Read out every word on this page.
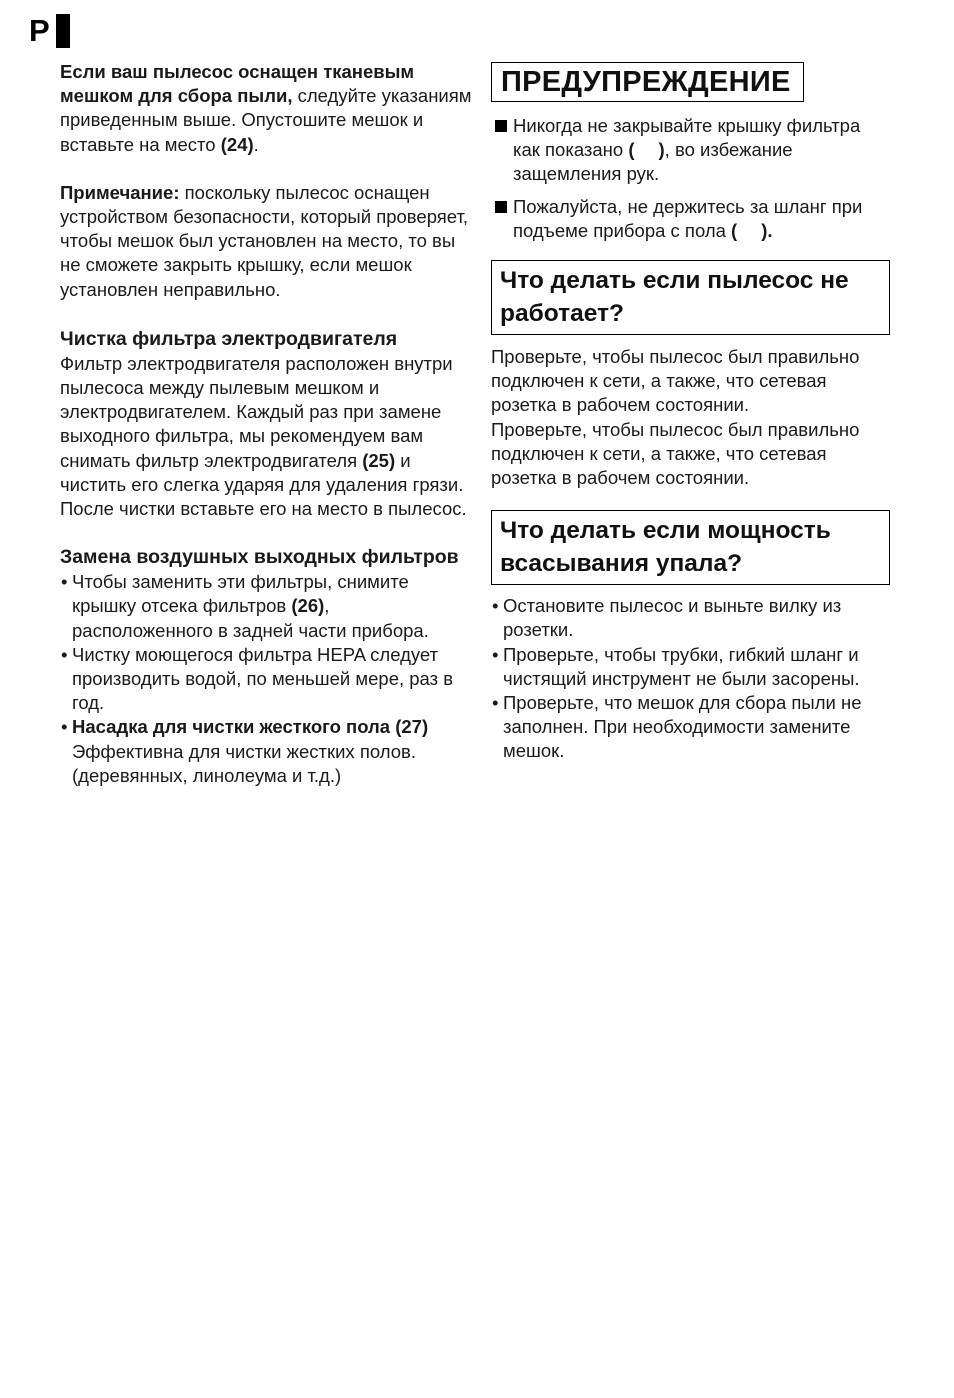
P

Если ваш пылесос оснащен тканевым мешком для сбора пыли, следуйте указаниям приведенным выше. Опустошите мешок и вставьте на место (24).

Примечание: поскольку пылесос оснащен устройством безопасности, который проверяет, чтобы мешок был установлен на место, то вы не сможете закрыть крышку, если мешок установлен неправильно.

Чистка фильтра электродвигателя

Фильтр электродвигателя расположен внутри пылесоса между пылевым мешком и электродвигателем. Каждый раз при замене выходного фильтра, мы рекомендуем вам снимать фильтр электродвигателя (25) и чистить его слегка ударяя для удаления грязи. После чистки вставьте его на место в пылесос.

Замена воздушных выходных фильтров
• Чтобы заменить эти фильтры, снимите крышку отсека фильтров (26), расположенного в задней части прибора.
• Чистку моющегося фильтра HEPA следует производить водой, по меньшей мере, раз в год.
• Насадка для чистки жесткого пола (27)
Эффективна для чистки жестких полов. (деревянных, линолеума и т.д.)
ПРЕДУПРЕЖДЕНИЕ
Никогда не закрывайте крышку фильтра как показано ( ), во избежание защемления рук.
Пожалуйста, не держитесь за шланг при подъеме прибора с пола ( ).
Что делать если пылесос не работает?

Проверьте, чтобы пылесос был правильно подключен к сети, а также, что сетевая розетка в рабочем состоянии.

Проверьте, чтобы пылесос был правильно подключен к сети, а также, что сетевая розетка в рабочем состоянии.

Что делать если мощность всасывания упала?
• Остановите пылесос и выньте вилку из розетки.
• Проверьте, чтобы трубки, гибкий шланг и чистящий инструмент не были засорены.
• Проверьте, что мешок для сбора пыли не заполнен. При необходимости замените мешок.
